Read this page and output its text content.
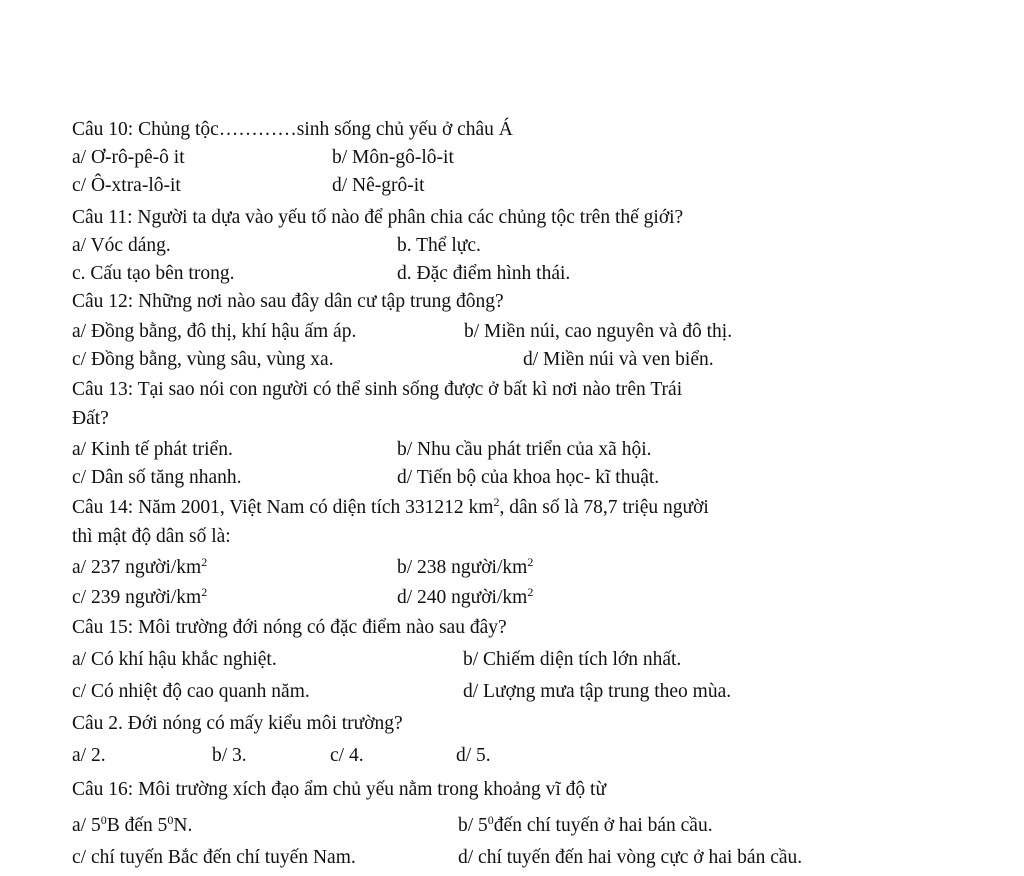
Câu 10: Chủng tộc…………sinh sống chủ yếu ở châu Á
a/ Ơ-rô-pê-ô it	b/ Môn-gô-lô-it
c/ Ô-xtra-lô-it	d/ Nê-grô-it
Câu 11: Người ta dựa vào yếu tố nào để phân chia các chủng tộc trên thế giới?
a/ Vóc dáng.	b. Thể lực.
c. Cấu tạo bên trong.	d. Đặc điểm hình thái.
Câu 12: Những nơi nào sau đây dân cư tập trung đông?
a/ Đồng bằng, đô thị, khí hậu ấm áp.	b/ Miền núi, cao nguyên và đô thị.
c/ Đồng bằng, vùng sâu, vùng xa.	d/ Miền núi và ven biển.
Câu 13: Tại sao nói con người có thể sinh sống được ở bất kì nơi nào trên Trái
Đất?
a/ Kinh tế phát triển.	b/ Nhu cầu phát triển của xã hội.
c/ Dân số tăng nhanh.	d/ Tiến bộ của khoa học- kĩ thuật.
Câu 14: Năm 2001, Việt Nam có diện tích 331212 $km^2$, dân số là 78,7 triệu người
thì mật độ dân số là:
a/ 237 người/$km^2$	b/ 238 người/$km^2$
c/ 239 người/$km^2$	d/ 240 người/$km^2$
Câu 15: Môi trường đới nóng có đặc điểm nào sau đây?
a/ Có khí hậu khắc nghiệt.	b/ Chiếm diện tích lớn nhất.
c/ Có nhiệt độ cao quanh năm.	d/ Lượng mưa tập trung theo mùa.
Câu 2. Đới nóng có mấy kiểu môi trường?
a/ 2.	b/ 3.	c/ 4.	d/ 5.
Câu 16: Môi trường xích đạo ẩm chủ yếu nằm trong khoảng vĩ độ từ
a/ $5^0B$ đến $5^0N$.	b/ $5^0đến$ chí tuyến ở hai bán cầu.
c/ chí tuyến Bắc đến chí tuyến Nam.	d/ chí tuyến đến hai vòng cực ở hai bán cầu.
